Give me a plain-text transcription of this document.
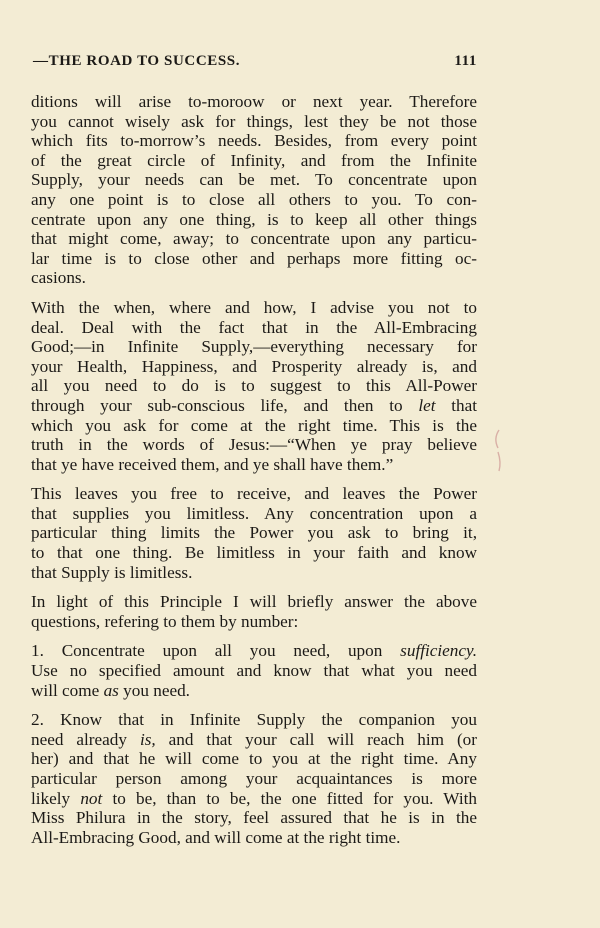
—THE ROAD TO SUCCESS.	111

ditions will arise to-moroow or next year. Therefore
you cannot wisely ask for things, lest they be not those
which fits to-morrow’s needs. Besides, from every point
of the great circle of Infinity, and from the Infinite
Supply, your needs can be met. To concentrate upon
any one point is to close all others to you. To con-
centrate upon any one thing, is to keep all other things
that might come, away; to concentrate upon any particu-
lar time is to close other and perhaps more fitting oc-
casions.

With the when, where and how, I advise you not to
deal. Deal with the fact that in the All-Embracing
Good;—in Infinite Supply,—everything necessary for
your Health, Happiness, and Prosperity already is, and
all you need to do is to suggest to this All-Power
through your sub-conscious life, and then to let that
which you ask for come at the right time. This is the
truth in the words of Jesus:—“When ye pray believe
that ye have received them, and ye shall have them.”

This leaves you free to receive, and leaves the Power
that supplies you limitless. Any concentration upon a
particular thing limits the Power you ask to bring it,
to that one thing. Be limitless in your faith and know
that Supply is limitless.

In light of this Principle I will briefly answer the above
questions, refering to them by number:

1. Concentrate upon all you need, upon sufficiency.
Use no specified amount and know that what you need
will come as you need.

2. Know that in Infinite Supply the companion you
need already is, and that your call will reach him (or
her) and that he will come to you at the right time. Any
particular person among your acquaintances is more
likely not to be, than to be, the one fitted for you. With
Miss Philura in the story, feel assured that he is in the
All-Embracing Good, and will come at the right time.
